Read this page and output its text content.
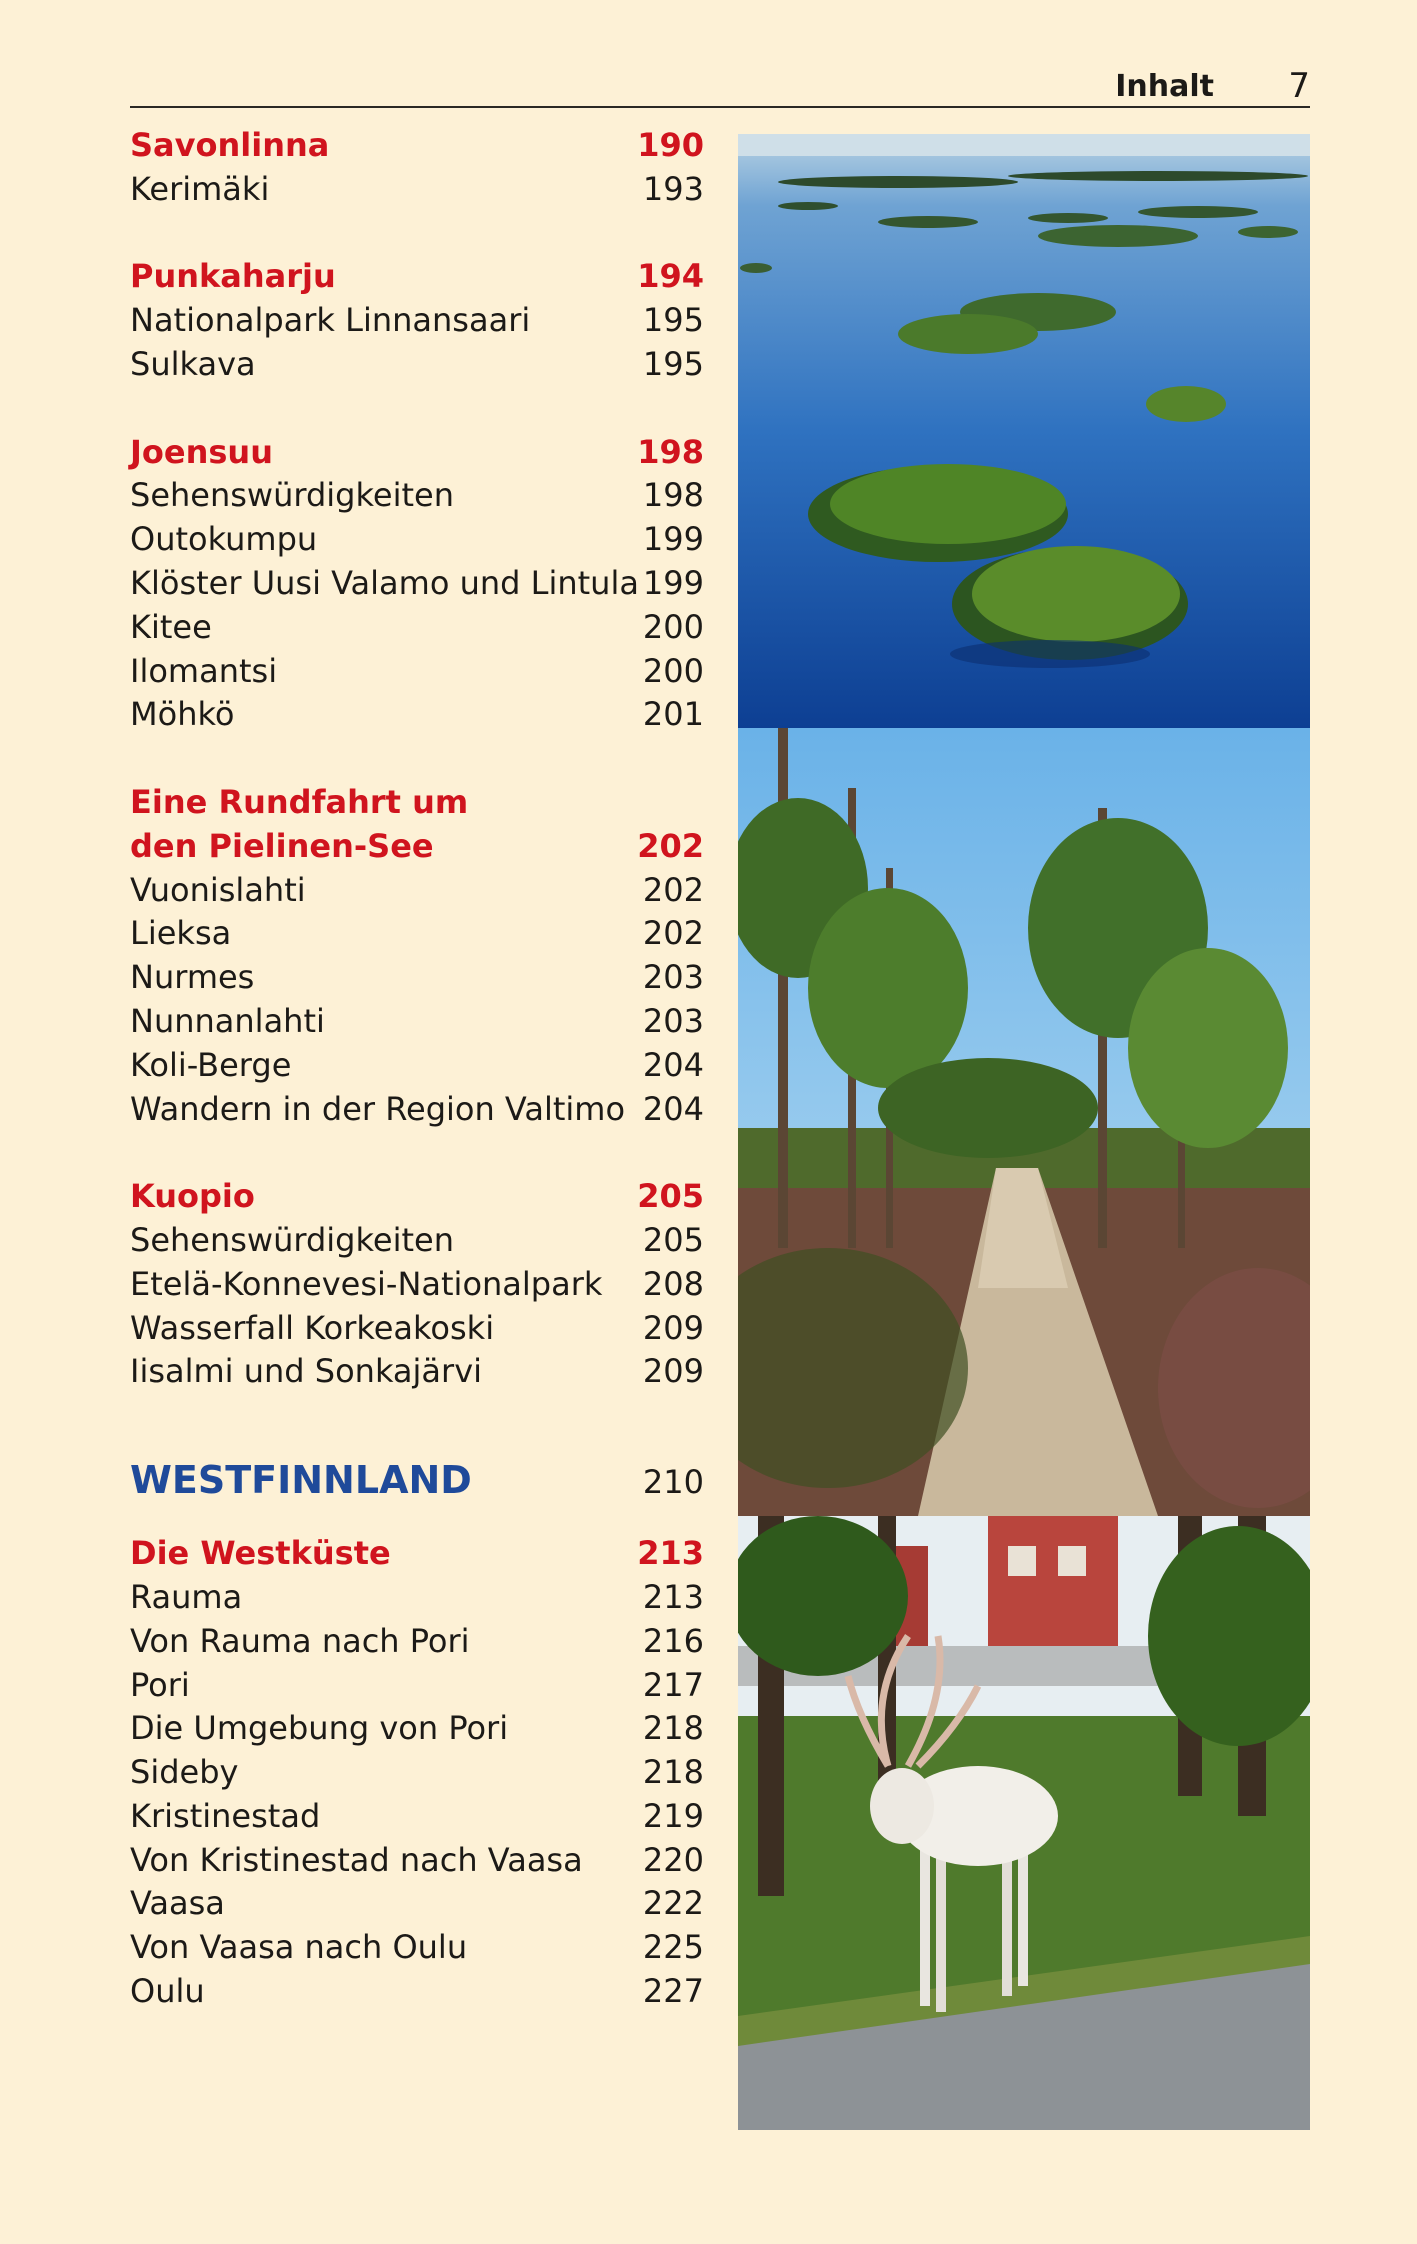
Inhalt 7
Savonlinna	190
Kerimäki	193
Punkaharju	194
Nationalpark Linnansaari	195
Sulkava	195
Joensuu	198
Sehenswürdigkeiten	198
Outokumpu	199
Klöster Uusi Valamo und Lintula 199
Kitee	200
Ilomantsi	200
Möhkö	201
Eine Rundfahrt um
den Pielinen-See	202
Vuonislahti	202
Lieksa	202
Nurmes	203
Nunnanlahti	203
Koli-Berge	204
Wandern in der Region Valtimo 204
Kuopio	205
Sehenswürdigkeiten	205
Etelä-Konnevesi-Nationalpark 208
Wasserfall Korkeakoski	209
Iisalmi und Sonkajärvi	209
WESTFINNLAND	210
Die Westküste	213
Rauma	213
Von Rauma nach Pori	216
Pori	217
Die Umgebung von Pori	218
Sideby	218
Kristinestad	219
Von Kristinestad nach Vaasa 220
Vaasa	222
Von Vaasa nach Oulu	225
Oulu	227
